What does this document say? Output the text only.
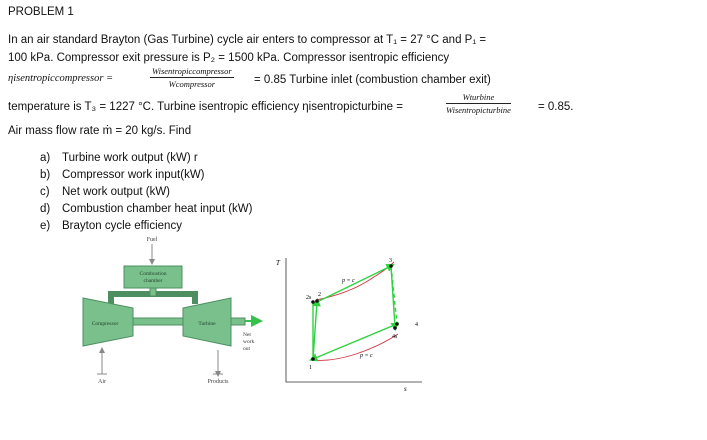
PROBLEM 1
In an air standard Brayton (Gas Turbine) cycle air enters to compressor at T₁ = 27 °C and P₁ =
100 kPa. Compressor exit pressure is P₂ = 1500 kPa. Compressor isentropic efficiency
ηisentropiccompressor =
Wisentropiccompressor
Wcompressor	= 0.85 Turbine inlet (combustion chamber exit)
temperature is T₃ = 1227 °C. Turbine isentropic efficiency ηisentropicturbine =
Wturbine
Wisentropicturbine = 0.85.
Air mass flow rate ṁ = 20 kg/s. Find
a) Turbine work output (kW) r
b) Compressor work input(kW)
c) Net work output (kW)
d) Combustion chamber heat input (kW)
e) Brayton cycle efficiency
Fuel
Combustion
chamber
Compressor	Turbine
Net
work
out
Air	Products
T
s
p = c
p = c
1
2s 2
3
4
4s
